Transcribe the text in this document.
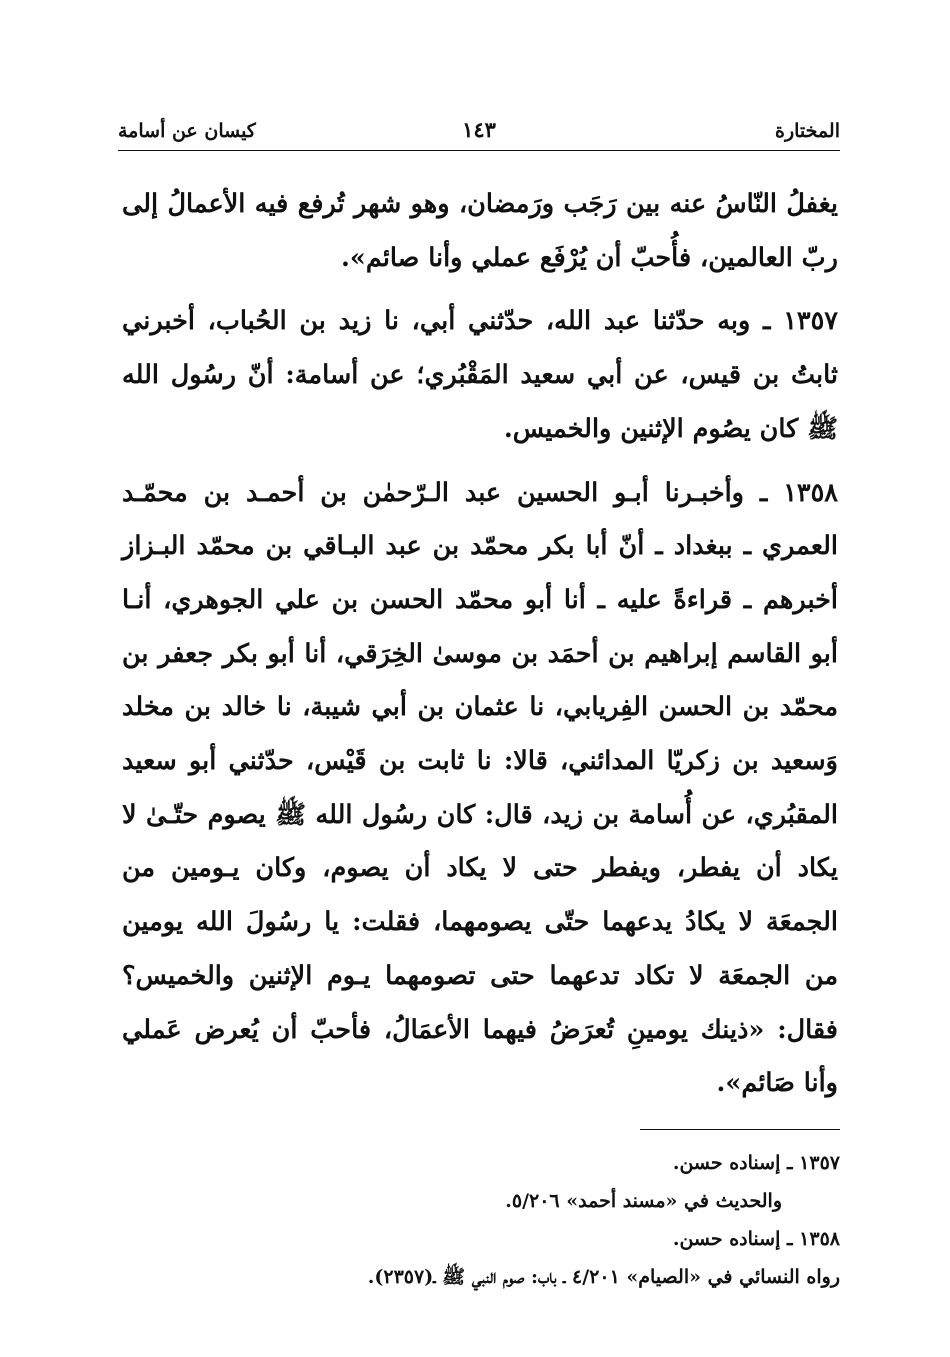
المختارة
١٤٣
كيسان عن أسامة

يغفلُ النّاسُ عنه بين رَجَب ورَمضان، وهو شهر تُرفع فيه الأعمالُ إلى ربّ العالمين، فأُحبّ أن يُرْفَع عملي وأنا صائم».

١٣٥٧ ـ وبه حدّثنا عبد الله، حدّثني أبي، نا زيد بن الحُباب، أخبرني ثابتُ بن قيس، عن أبي سعيد المَقْبُري؛ عن أسامة: أنّ رسُول الله ﷺ كان يصُوم الإثنين والخميس.

١٣٥٨ ـ وأخبـرنا أبـو الحسين عبد الـرّحمٰن بن أحمـد بن محمّـد العمري ـ ببغداد ـ أنّ أبا بكر محمّد بن عبد البـاقي بن محمّد البـزاز أخبرهم ـ قراءةً عليه ـ أنا أبو محمّد الحسن بن علي الجوهري، أنـا أبو القاسم إبراهيم بن أحمَد بن موسىٰ الخِرَقي، أنا أبو بكر جعفر بن محمّد بن الحسن الفِريابي، نا عثمان بن أبي شيبة، نا خالد بن مخلد وَسعيد بن زكريّا المدائني، قالا: نا ثابت بن قَيْس، حدّثني أبو سعيد المقبُري، عن أُسامة بن زيد، قال: كان رسُول الله ﷺ يصوم حتّـىٰ لا يكاد أن يفطر، ويفطر حتى لا يكاد أن يصوم، وكان يـومين من الجمعَة لا يكادُ يدعهما حتّى يصومهما، فقلت: يا رسُولَ الله يومين من الجمعَة لا تكاد تدعهما حتى تصومهما يـوم الإثنين والخميس؟ فقال: «ذينك يومينِ تُعرَضُ فيهما الأعمَالُ، فأحبّ أن يُعرض عَملي وأنا صَائم».

١٣٥٧ ـ إسناده حسن.

والحديث في «مسند أحمد» ٥/٢٠٦.

١٣٥٨ ـ إسناده حسن.

رواه النسائي في «الصيام» ٤/٢٠١ ـ باب: صوم النبي ﷺ ـ(٢٣٥٧).
